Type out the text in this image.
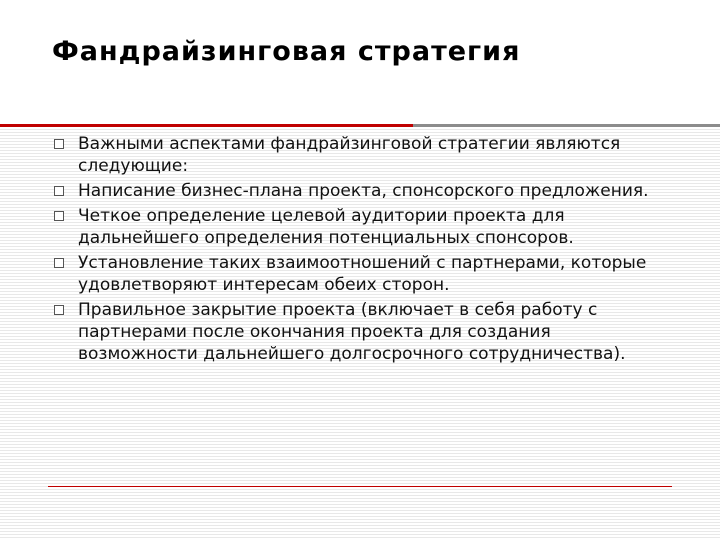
Фандрайзинговая стратегия
Важными аспектами фандрайзинговой стратегии являются следующие:
Написание бизнес-плана проекта, спонсорского предложения.
Четкое определение целевой аудитории проекта для дальнейшего определения потенциальных спонсоров.
Установление таких взаимоотношений с партнерами, которые удовлетворяют интересам обеих сторон.
Правильное закрытие проекта (включает в себя работу с партнерами после окончания проекта для создания возможности дальнейшего долгосрочного сотрудничества).
